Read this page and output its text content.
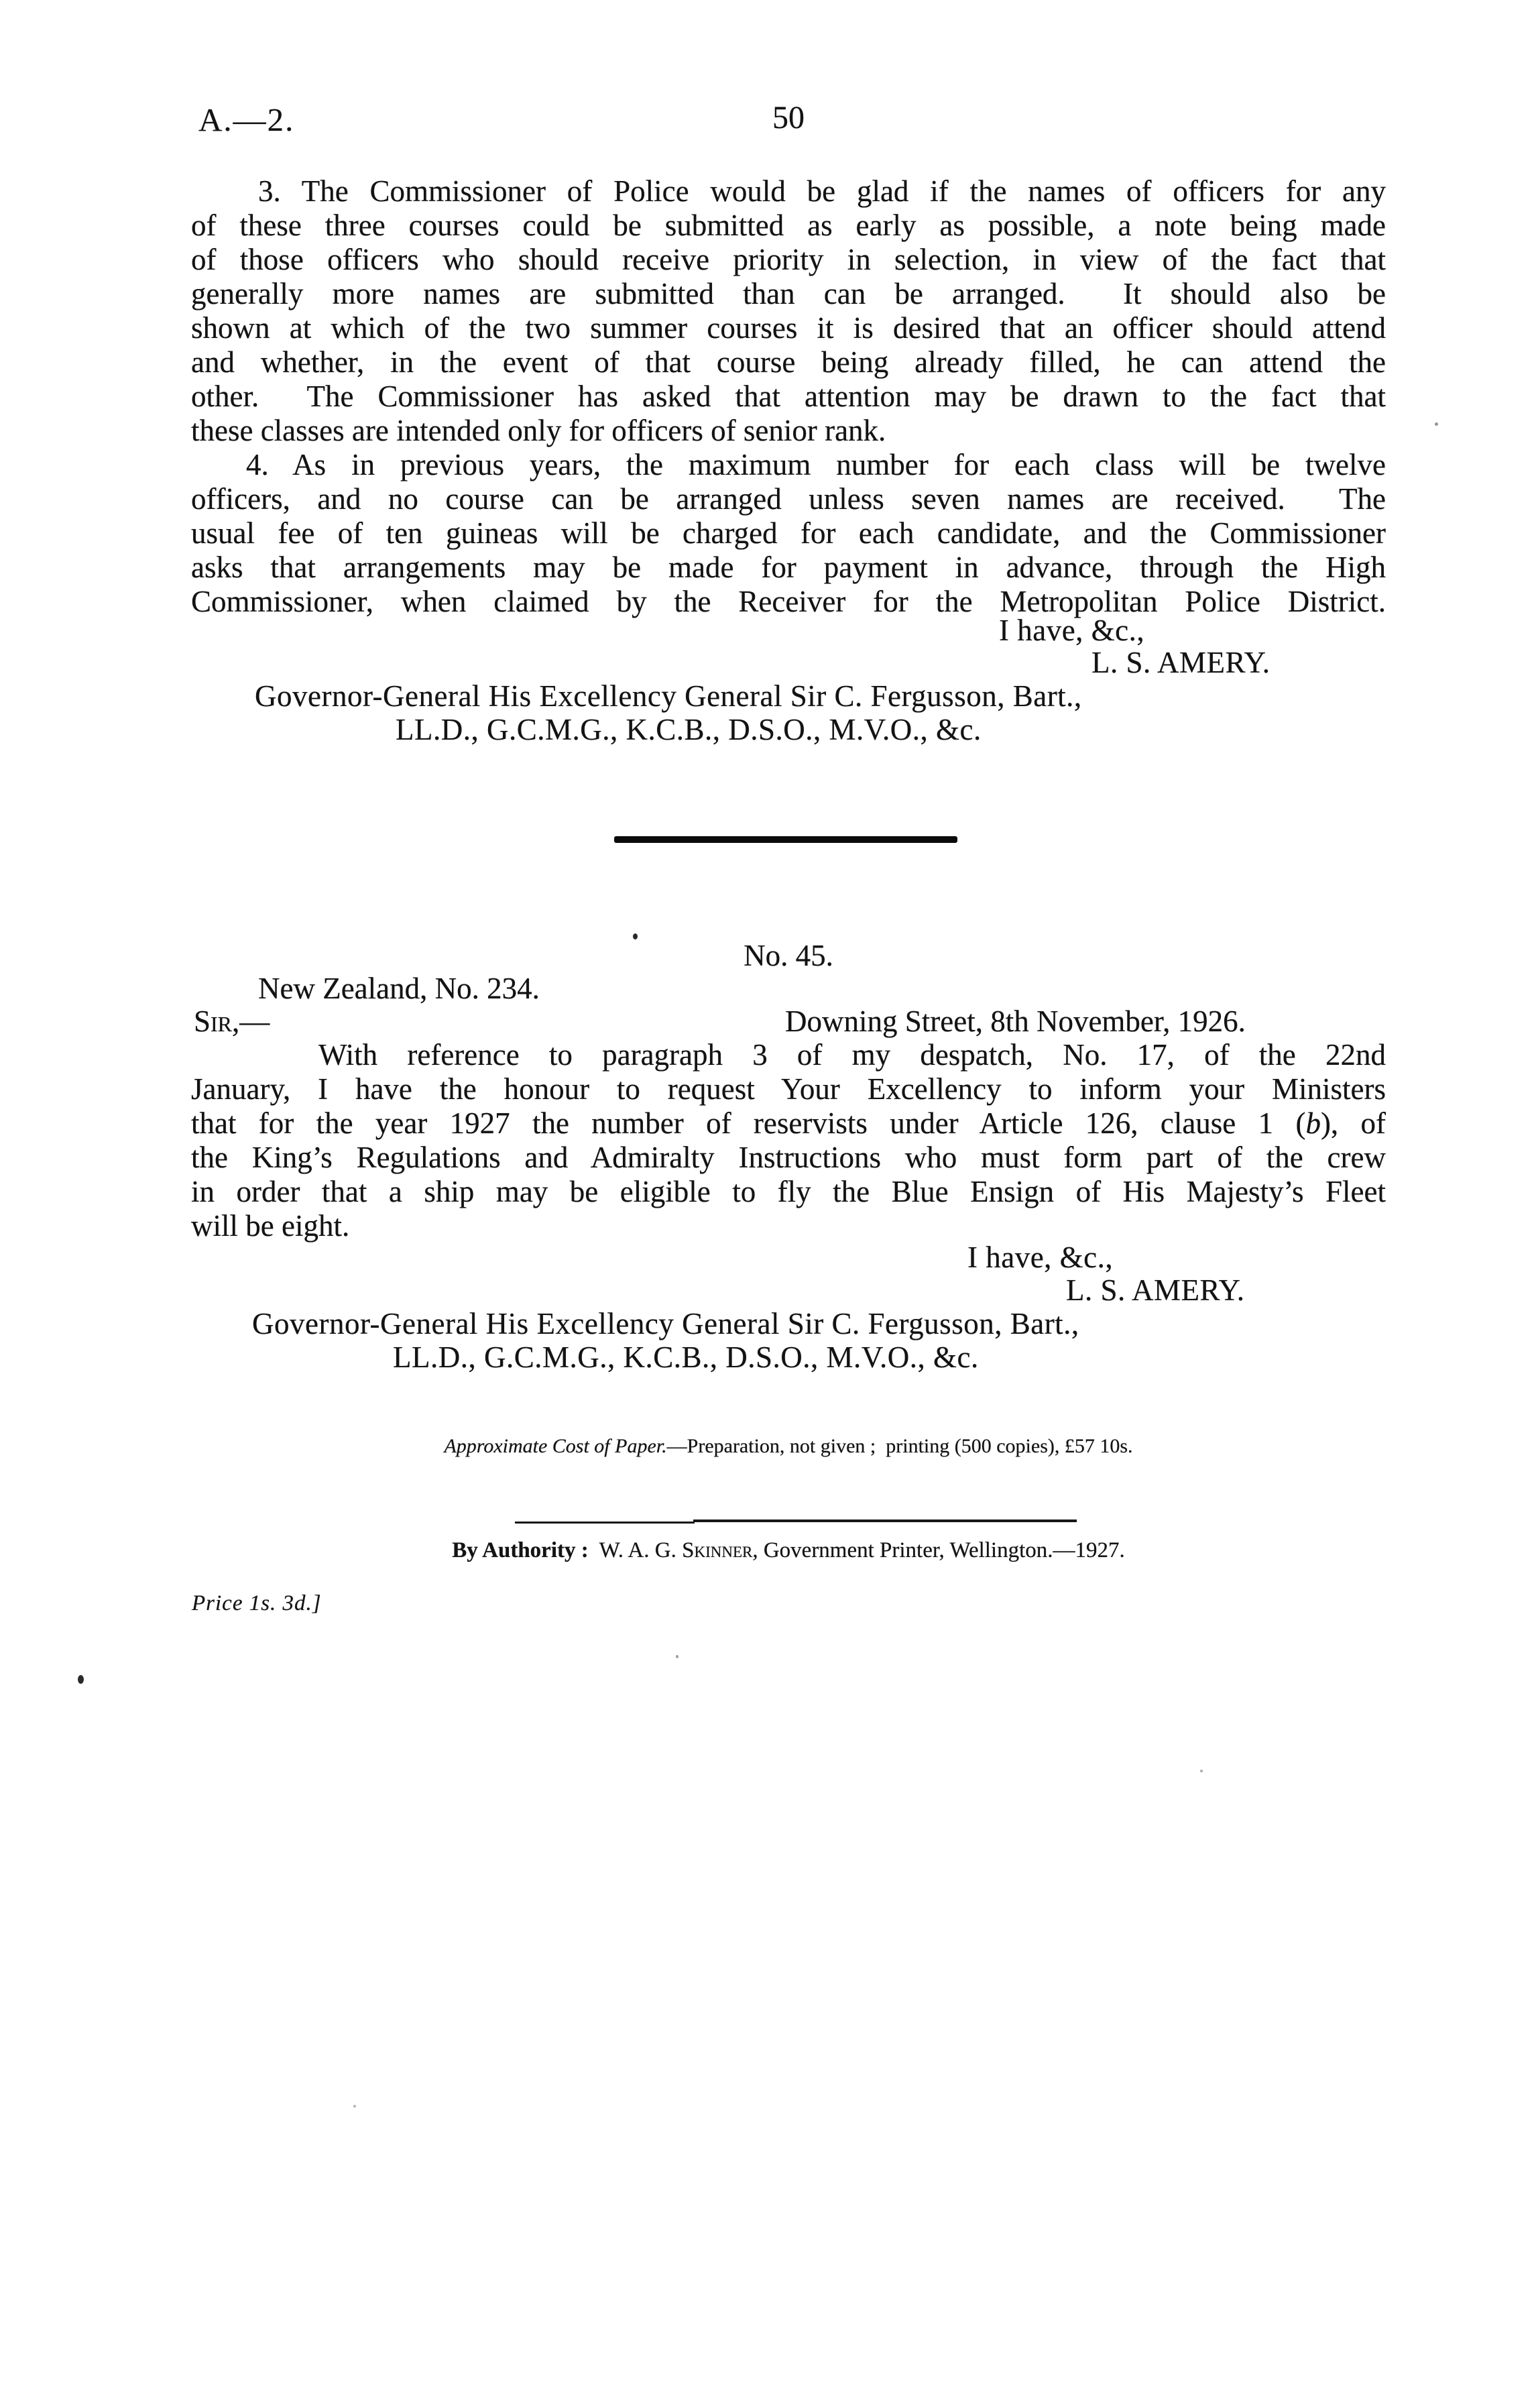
A.—2.	50
3. The Commissioner of Police would be glad if the names of officers for any
of these three courses could be submitted as early as possible, a note being made
of those officers who should receive priority in selection, in view of the fact that
generally more names are submitted than can be arranged.  It should also be
shown at which of the two summer courses it is desired that an officer should attend
and whether, in the event of that course being already filled, he can attend the
other.  The Commissioner has asked that attention may be drawn to the fact that
these classes are intended only for officers of senior rank.
4. As in previous years, the maximum number for each class will be twelve
officers, and no course can be arranged unless seven names are received.  The
usual fee of ten guineas will be charged for each candidate, and the Commissioner
asks that arrangements may be made for payment in advance, through the High
Commissioner, when claimed by the Receiver for the Metropolitan Police District.
I have, &c.,
L. S. AMERY.
Governor-General His Excellency General Sir C. Fergusson, Bart.,
LL.D., G.C.M.G., K.C.B., D.S.O., M.V.O., &c.
No. 45.
New Zealand, No. 234.
Sir,—	Downing Street, 8th November, 1926.
With reference to paragraph 3 of my despatch, No. 17, of the 22nd
January, I have the honour to request Your Excellency to inform your Ministers
that for the year 1927 the number of reservists under Article 126, clause 1 (b), of
the King’s Regulations and Admiralty Instructions who must form part of the crew
in order that a ship may be eligible to fly the Blue Ensign of His Majesty’s Fleet
will be eight.
I have, &c.,
L. S. AMERY.
Governor-General His Excellency General Sir C. Fergusson, Bart.,
LL.D., G.C.M.G., K.C.B., D.S.O., M.V.O., &c.
Approximate Cost of Paper.—Preparation, not given ;  printing (500 copies), £57 10s.
By Authority :  W. A. G. Skinner, Government Printer, Wellington.—1927.
Price 1s. 3d.]
